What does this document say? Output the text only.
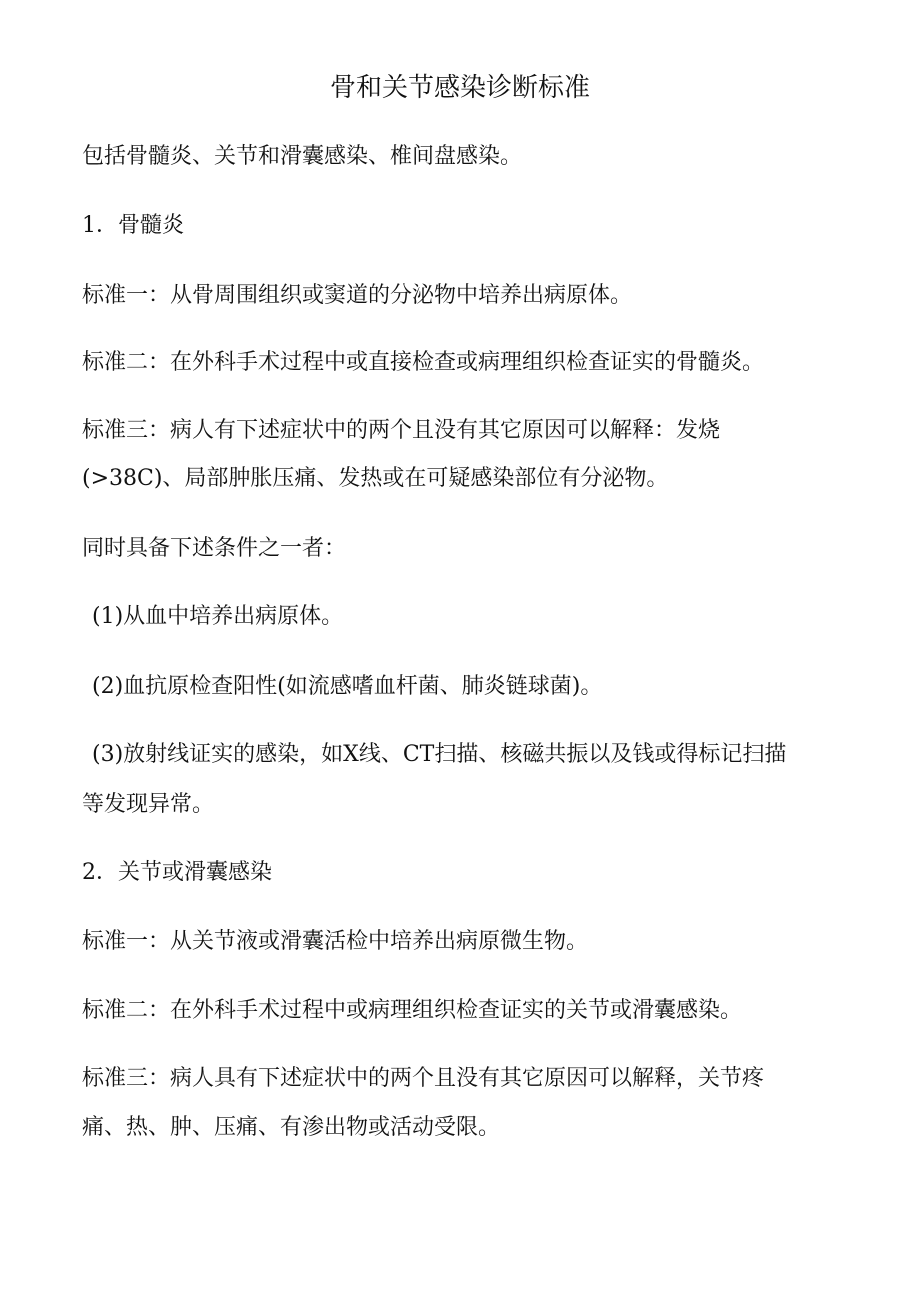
骨和关节感染诊断标准

包括骨髓炎、关节和滑囊感染、椎间盘感染。

1．骨髓炎

标准一：从骨周围组织或窦道的分泌物中培养出病原体。

标准二：在外科手术过程中或直接检查或病理组织检查证实的骨髓炎。

标准三：病人有下述症状中的两个且没有其它原因可以解释：发烧

(>38C)、局部肿胀压痛、发热或在可疑感染部位有分泌物。

同时具备下述条件之一者：

(1)从血中培养出病原体。

(2)血抗原检查阳性(如流感嗜血杆菌、肺炎链球菌)。

(3)放射线证实的感染，如X线、CT扫描、核磁共振以及钱或得标记扫描

等发现异常。

2．关节或滑囊感染

标准一：从关节液或滑囊活检中培养出病原微生物。

标准二：在外科手术过程中或病理组织检查证实的关节或滑囊感染。

标准三：病人具有下述症状中的两个且没有其它原因可以解释，关节疼

痛、热、肿、压痛、有渗出物或活动受限。
